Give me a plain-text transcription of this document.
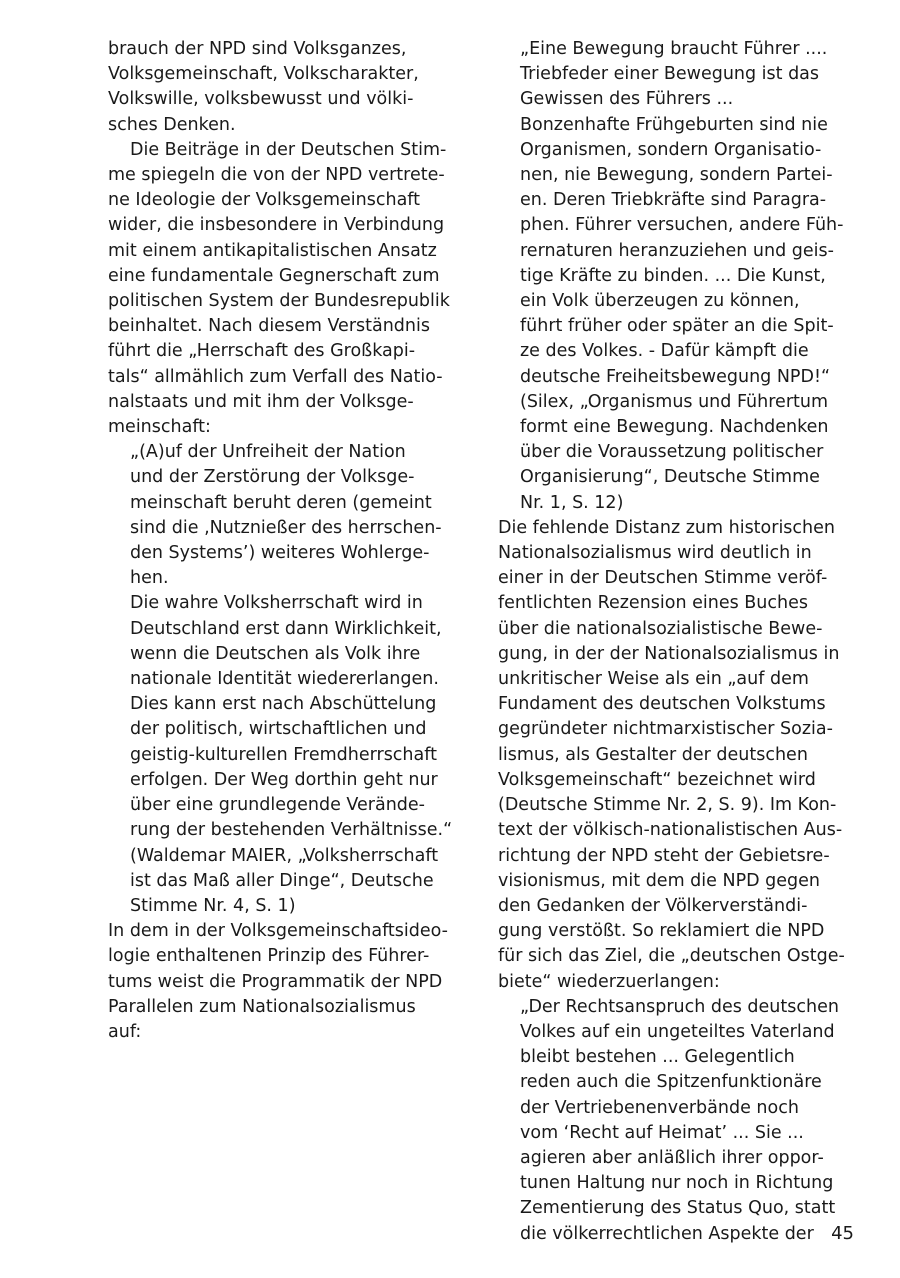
brauch der NPD sind Volksganzes,
Volksgemeinschaft, Volkscharakter,
Volkswille, volksbewusst und völki-
sches Denken.
Die Beiträge in der Deutschen Stim-
me spiegeln die von der NPD vertrete-
ne Ideologie der Volksgemeinschaft
wider, die insbesondere in Verbindung
mit einem antikapitalistischen Ansatz
eine fundamentale Gegnerschaft zum
politischen System der Bundesrepublik
beinhaltet. Nach diesem Verständnis
führt die „Herrschaft des Großkapi-
tals“ allmählich zum Verfall des Natio-
nalstaats und mit ihm der Volksge-
meinschaft:
„(A)uf der Unfreiheit der Nation
und der Zerstörung der Volksge-
meinschaft beruht deren (gemeint
sind die ‚Nutznießer des herrschen-
den Systems’) weiteres Wohlerge-
hen.
Die wahre Volksherrschaft wird in
Deutschland erst dann Wirklichkeit,
wenn die Deutschen als Volk ihre
nationale Identität wiedererlangen.
Dies kann erst nach Abschüttelung
der politisch, wirtschaftlichen und
geistig-kulturellen Fremdherrschaft
erfolgen. Der Weg dorthin geht nur
über eine grundlegende Verände-
rung der bestehenden Verhältnisse.“
(Waldemar MAIER, „Volksherrschaft
ist das Maß aller Dinge“, Deutsche
Stimme Nr. 4, S. 1)
In dem in der Volksgemeinschaftsideo-
logie enthaltenen Prinzip des Führer-
tums weist die Programmatik der NPD
Parallelen zum Nationalsozialismus
auf:
„Eine Bewegung braucht Führer ....
Triebfeder einer Bewegung ist das
Gewissen des Führers ...
Bonzenhafte Frühgeburten sind nie
Organismen, sondern Organisatio-
nen, nie Bewegung, sondern Partei-
en. Deren Triebkräfte sind Paragra-
phen. Führer versuchen, andere Füh-
rernaturen heranzuziehen und geis-
tige Kräfte zu binden. ... Die Kunst,
ein Volk überzeugen zu können,
führt früher oder später an die Spit-
ze des Volkes. - Dafür kämpft die
deutsche Freiheitsbewegung NPD!“
(Silex, „Organismus und Führertum
formt eine Bewegung. Nachdenken
über die Voraussetzung politischer
Organisierung“, Deutsche Stimme
Nr. 1, S. 12)
Die fehlende Distanz zum historischen
Nationalsozialismus wird deutlich in
einer in der Deutschen Stimme veröf-
fentlichten Rezension eines Buches
über die nationalsozialistische Bewe-
gung, in der der Nationalsozialismus in
unkritischer Weise als ein „auf dem
Fundament des deutschen Volkstums
gegründeter nichtmarxistischer Sozia-
lismus, als Gestalter der deutschen
Volksgemeinschaft“ bezeichnet wird
(Deutsche Stimme Nr. 2, S. 9). Im Kon-
text der völkisch-nationalistischen Aus-
richtung der NPD steht der Gebietsre-
visionismus, mit dem die NPD gegen
den Gedanken der Völkerverständi-
gung verstößt. So reklamiert die NPD
für sich das Ziel, die „deutschen Ostge-
biete“ wiederzuerlangen:
„Der Rechtsanspruch des deutschen
Volkes auf ein ungeteiltes Vaterland
bleibt bestehen ... Gelegentlich
reden auch die Spitzenfunktionäre
der Vertriebenenverbände noch
vom ‘Recht auf Heimat’ ... Sie ...
agieren aber anläßlich ihrer oppor-
tunen Haltung nur noch in Richtung
Zementierung des Status Quo, statt
die völkerrechtlichen Aspekte der 45
